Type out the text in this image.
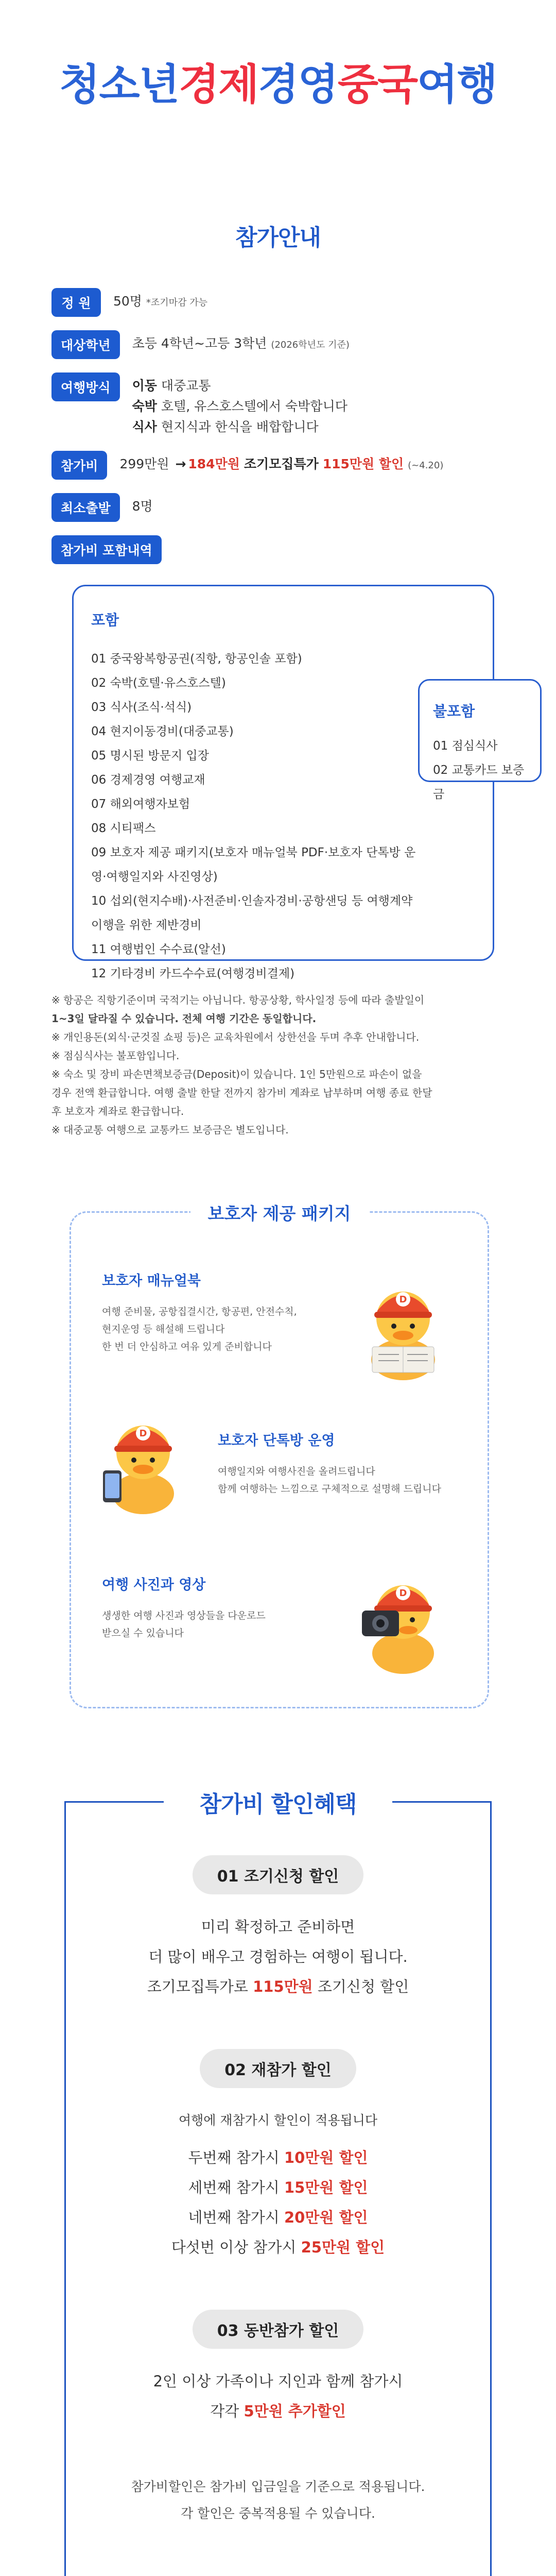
청소년경제경영중국여행
참가안내
정 원	50명 *조기마감 가능
대상학년	초등 4학년~고등 3학년 (2026학년도 기준)
여행방식	이동 대중교통
숙박 호텔, 유스호스텔에서 숙박합니다
식사 현지식과 한식을 배합합니다
참가비	299만원 → 184만원 조기모집특가 115만원 할인 (~4.20)
최소출발	8명
참가비 포함내역
포함
01 중국왕복항공권(직항, 항공인솔 포함)
02 숙박(호텔·유스호스텔)
03 식사(조식·석식)
04 현지이동경비(대중교통)
05 명시된 방문지 입장
06 경제경영 여행교재
07 해외여행자보험
08 시티팩스
09 보호자 제공 패키지(보호자 매뉴얼북 PDF·보호자 단톡방 운
영·여행일지와 사진영상)
10 섭외(현지수배)·사전준비·인솔자경비·공항샌딩 등 여행계약
이행을 위한 제반경비
11 여행법인 수수료(알선)
12 기타경비 카드수수료(여행경비결제)
불포함
01 점심식사
02 교통카드 보증금
※ 항공은 직항기준이며 국적기는 아닙니다. 항공상황, 학사일정 등에 따라 출발일이
1~3일 달라질 수 있습니다. 전체 여행 기간은 동일합니다.
※ 개인용돈(외식·군것질 쇼핑 등)은 교육차원에서 상한선을 두며 추후 안내합니다.
※ 점심식사는 불포함입니다.
※ 숙소 및 장비 파손면책보증금(Deposit)이 있습니다. 1인 5만원으로 파손이 없을
경우 전액 환급합니다. 여행 출발 한달 전까지 참가비 계좌로 납부하며 여행 종료 한달
후 보호자 계좌로 환급합니다.
※ 대중교통 여행으로 교통카드 보증금은 별도입니다.
보호자 제공 패키지
보호자 매뉴얼북

여행 준비물, 공항집결시간, 항공편, 안전수칙,

현지운영 등 해설해 드립니다

한 번 더 안심하고 여유 있게 준비합니다

D
D	보호자 단톡방 운영

여행일지와 여행사진을 올려드립니다

함께 여행하는 느낌으로 구체적으로 설명해 드립니다

여행 사진과 영상

생생한 여행 사진과 영상들을 다운로드

받으실 수 있습니다

D
참가비 할인혜택
01 조기신청 할인
미리 확정하고 준비하면
더 많이 배우고 경험하는 여행이 됩니다.
조기모집특가로 115만원 조기신청 할인
02 재참가 할인
여행에 재참가시 할인이 적용됩니다
두번째 참가시 10만원 할인
세번째 참가시 15만원 할인
네번째 참가시 20만원 할인
다섯번 이상 참가시 25만원 할인
03 동반참가 할인
2인 이상 가족이나 지인과 함께 참가시
각각 5만원 추가할인
참가비할인은 참가비 입금일을 기준으로 적용됩니다.
각 할인은 중복적용될 수 있습니다.
